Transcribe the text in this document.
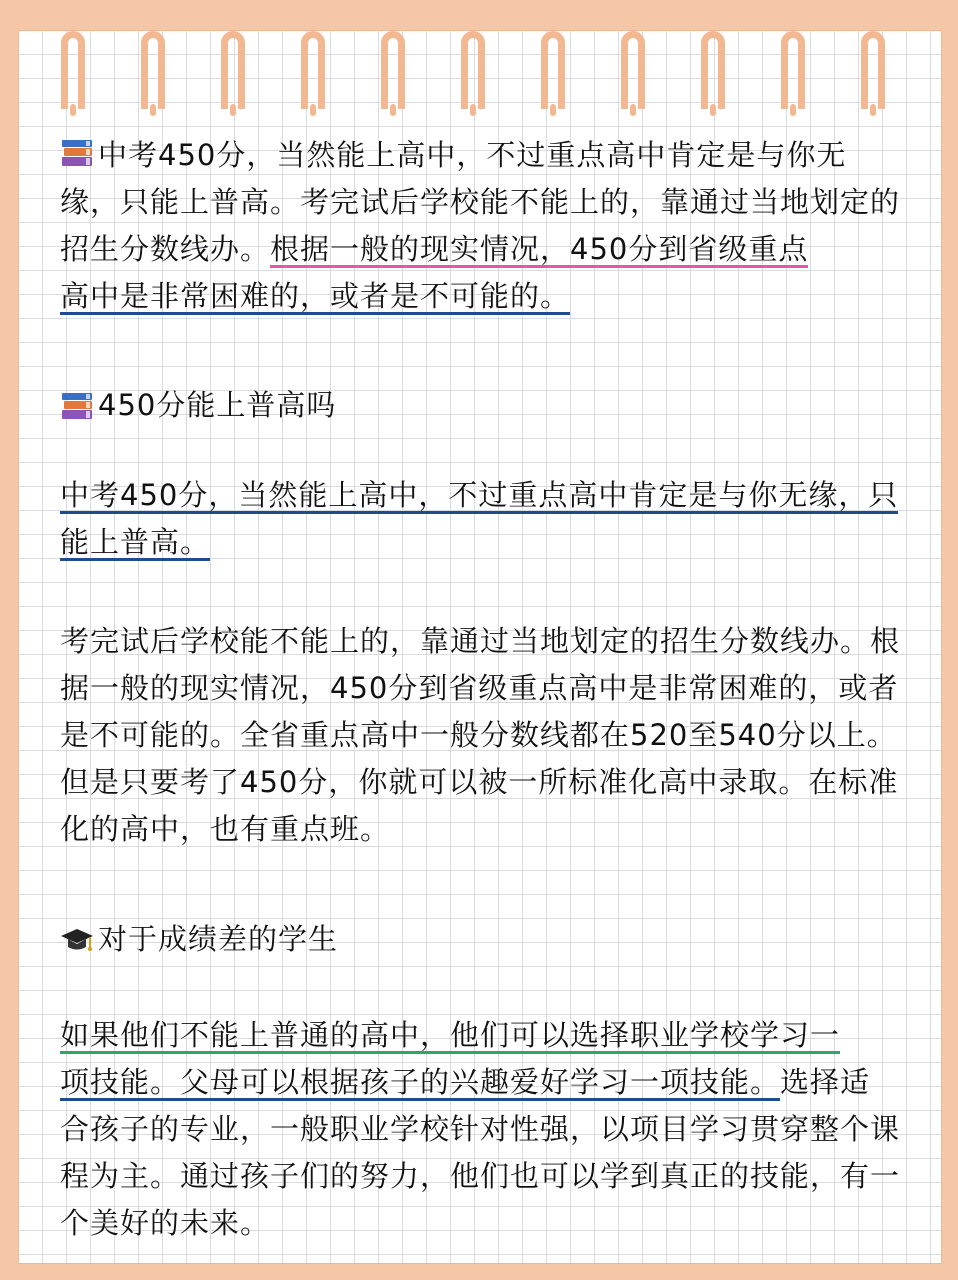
中考450分，当然能上高中，不过重点高中肯定是与你无缘，只能上普高。考完试后学校能不能上的，靠通过当地划定的招生分数线办。根据一般的现实情况，450分到省级重点
高中是非常困难的，或者是不可能的。

450分能上普高吗

中考450分，当然能上高中，不过重点高中肯定是与你无缘，只能上普高。

考完试后学校能不能上的，靠通过当地划定的招生分数线办。根据一般的现实情况，450分到省级重点高中是非常困难的，或者是不可能的。全省重点高中一般分数线都在520至540分以上。但是只要考了450分，你就可以被一所标准化高中录取。在标准化的高中，也有重点班。

对于成绩差的学生

如果他们不能上普通的高中，他们可以选择职业学校学习一
项技能。父母可以根据孩子的兴趣爱好学习一项技能。选择适合孩子的专业，一般职业学校针对性强，以项目学习贯穿整个课程为主。通过孩子们的努力，他们也可以学到真正的技能，有一个美好的未来。
